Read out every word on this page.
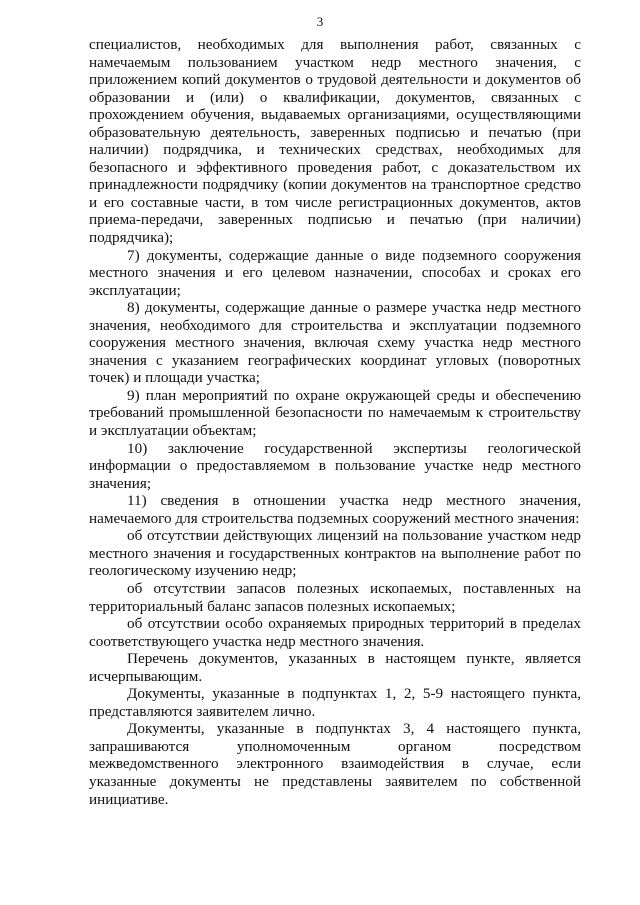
3

специалистов, необходимых для выполнения работ, связанных с намечаемым пользованием участком недр местного значения, с приложением копий документов о трудовой деятельности и документов об образовании и (или) о квалификации, документов, связанных с прохождением обучения, выдаваемых организациями, осуществляющими образовательную деятельность, заверенных подписью и печатью (при наличии) подрядчика, и технических средствах, необходимых для безопасного и эффективного проведения работ, с доказательством их принадлежности подрядчику (копии документов на транспортное средство и его составные части, в том числе регистрационных документов, актов приема-передачи, заверенных подписью и печатью (при наличии) подрядчика);

7) документы, содержащие данные о виде подземного сооружения местного значения и его целевом назначении, способах и сроках его эксплуатации;

8) документы, содержащие данные о размере участка недр местного значения, необходимого для строительства и эксплуатации подземного сооружения местного значения, включая схему участка недр местного значения с указанием географических координат угловых (поворотных точек) и площади участка;

9) план мероприятий по охране окружающей среды и обеспечению требований промышленной безопасности по намечаемым к строительству и эксплуатации объектам;

10) заключение государственной экспертизы геологической информации о предоставляемом в пользование участке недр местного значения;

11) сведения в отношении участка недр местного значения, намечаемого для строительства подземных сооружений местного значения:

об отсутствии действующих лицензий на пользование участком недр местного значения и государственных контрактов на выполнение работ по геологическому изучению недр;

об отсутствии запасов полезных ископаемых, поставленных на территориальный баланс запасов полезных ископаемых;

об отсутствии особо охраняемых природных территорий в пределах соответствующего участка недр местного значения.

Перечень документов, указанных в настоящем пункте, является исчерпывающим.

Документы, указанные в подпунктах 1, 2, 5-9 настоящего пункта, представляются заявителем лично.

Документы, указанные в подпунктах 3, 4 настоящего пункта, запрашиваются уполномоченным органом посредством межведомственного электронного взаимодействия в случае, если указанные документы не представлены заявителем по собственной инициативе.
